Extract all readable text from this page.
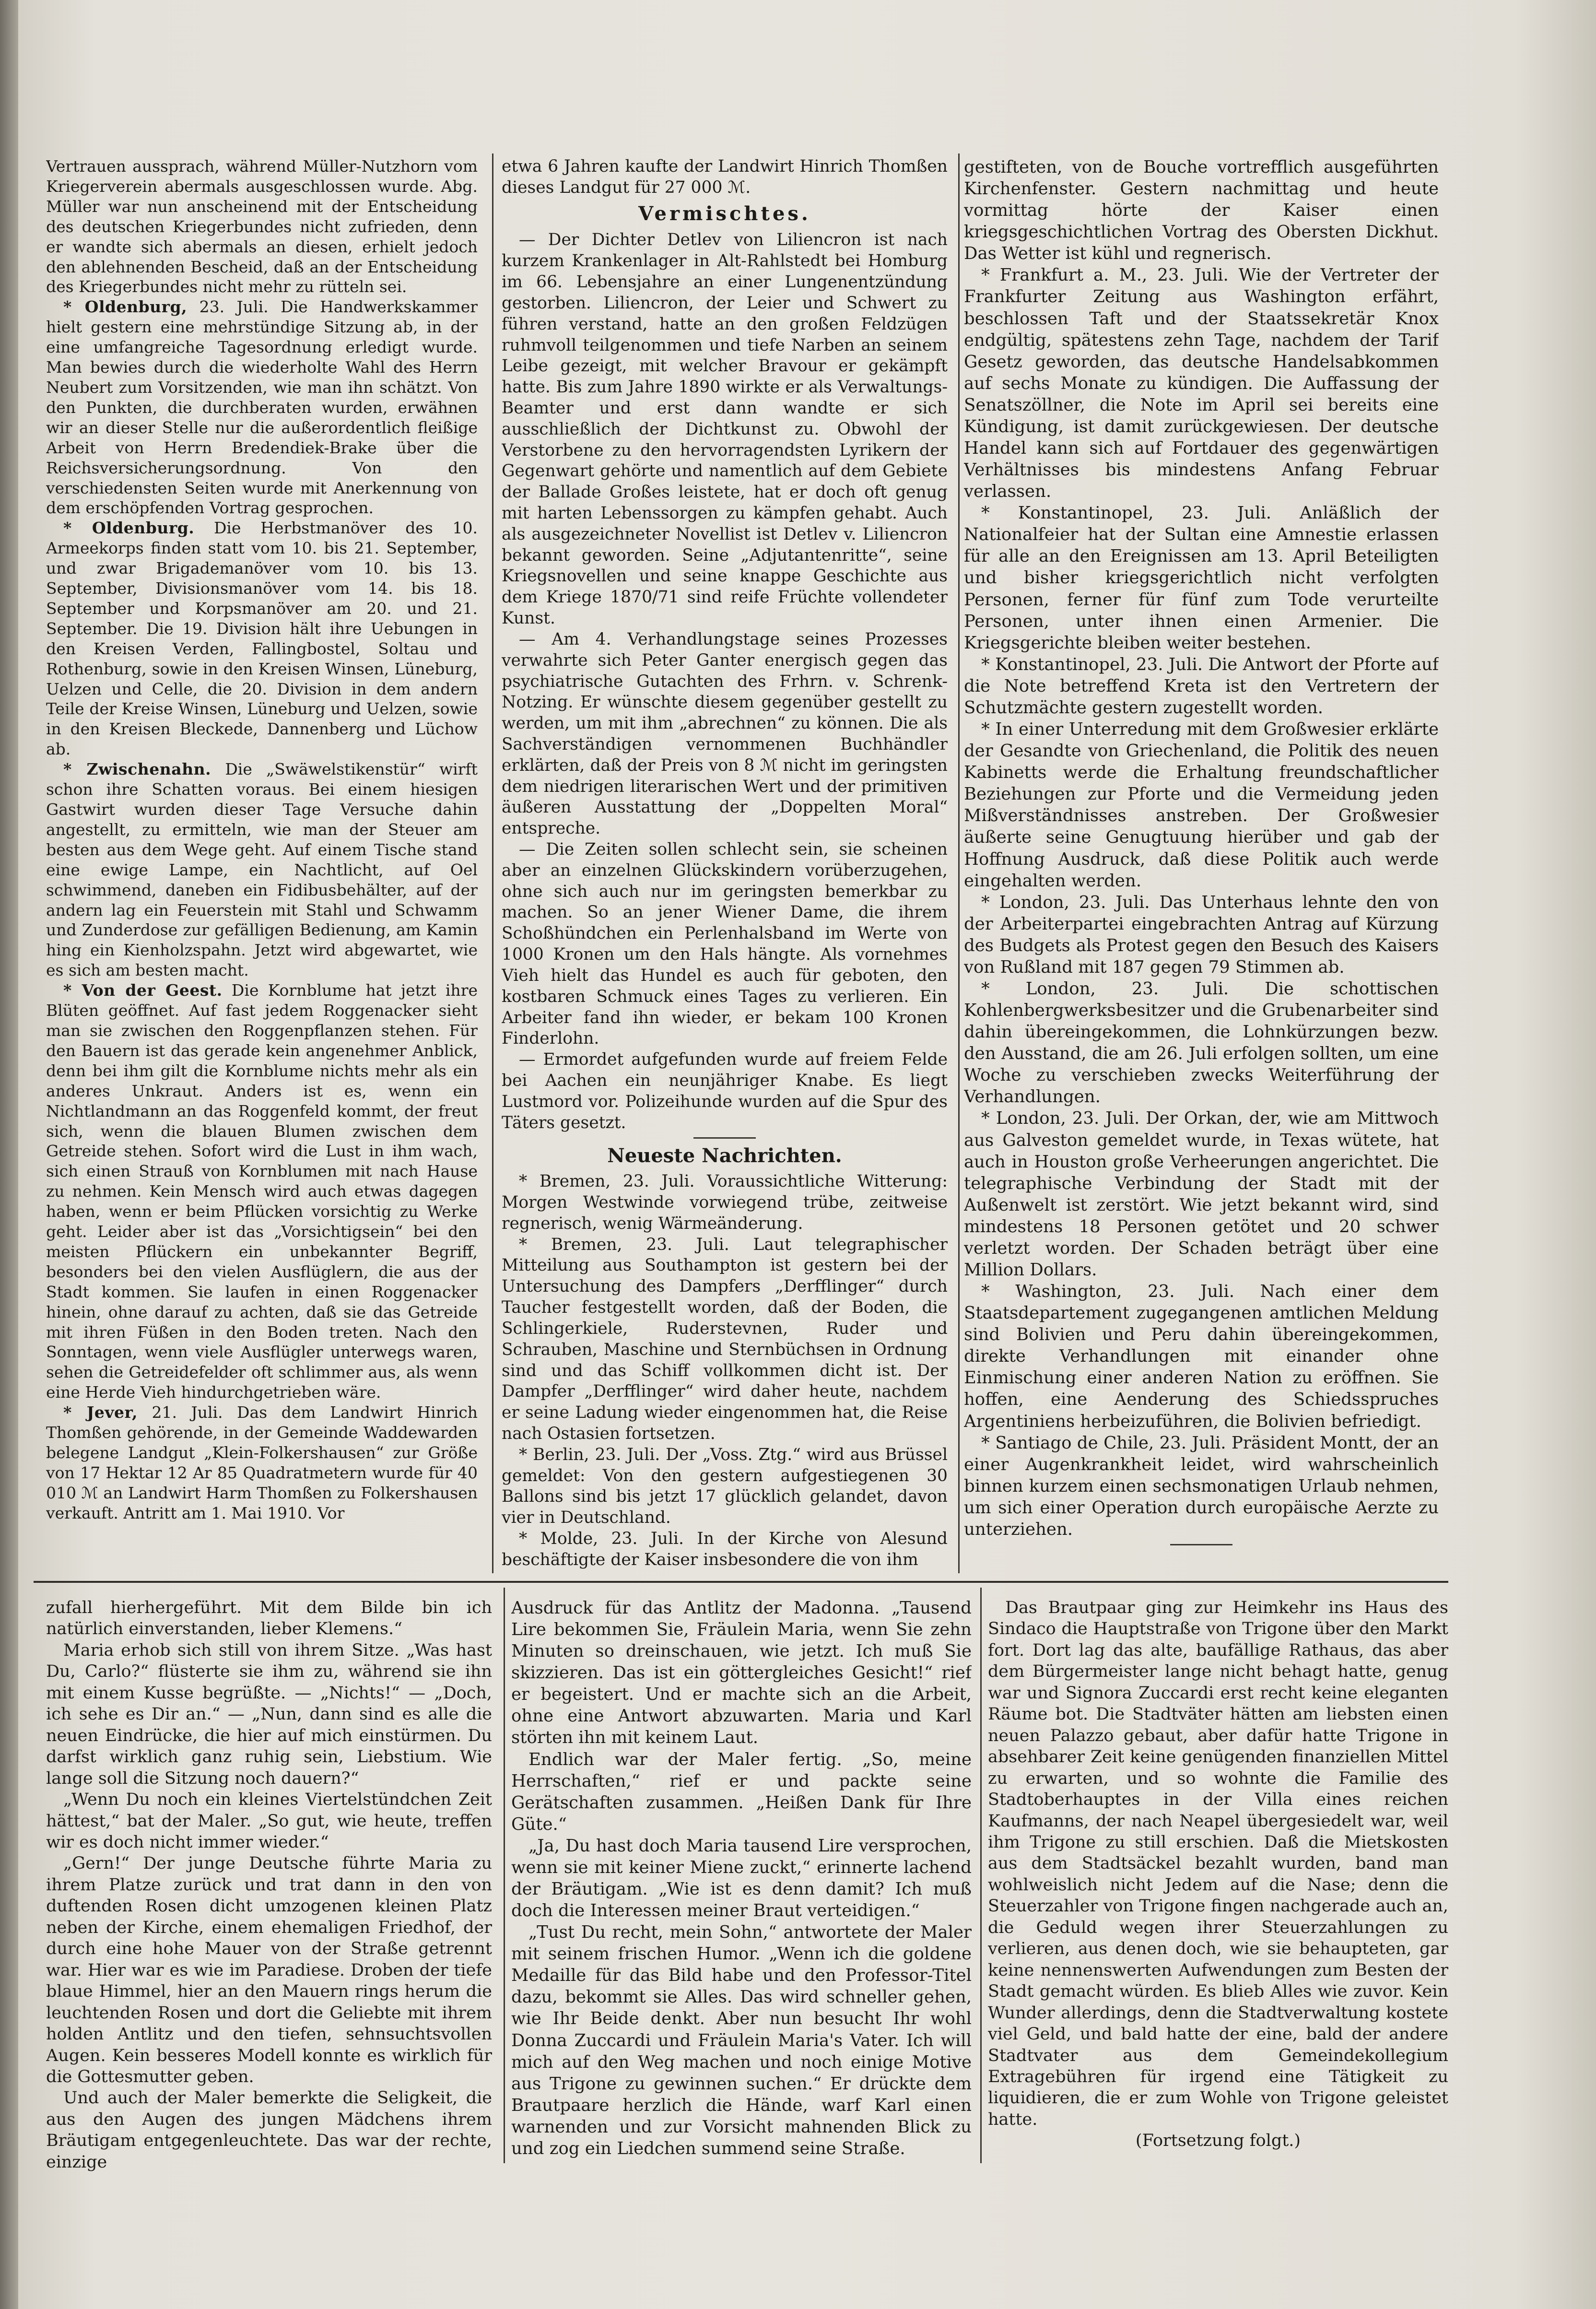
Vertrauen aussprach, während Müller-Nutzhorn vom Kriegerverein abermals ausgeschlossen wurde. Abg. Müller war nun anscheinend mit der Entscheidung des deutschen Kriegerbundes nicht zufrieden, denn er wandte sich abermals an diesen, erhielt jedoch den ablehnenden Bescheid, daß an der Entscheidung des Kriegerbundes nicht mehr zu rütteln sei.

* Oldenburg, 23. Juli. Die Handwerkskammer hielt gestern eine mehrstündige Sitzung ab, in der eine umfangreiche Tagesordnung erledigt wurde. Man bewies durch die wiederholte Wahl des Herrn Neubert zum Vorsitzenden, wie man ihn schätzt. Von den Punkten, die durchberaten wurden, erwähnen wir an dieser Stelle nur die außerordentlich fleißige Arbeit von Herrn Bredendiek-Brake über die Reichsversicherungsordnung. Von den verschiedensten Seiten wurde mit Anerkennung von dem erschöpfenden Vortrag gesprochen.

* Oldenburg. Die Herbstmanöver des 10. Armeekorps finden statt vom 10. bis 21. September, und zwar Brigademanöver vom 10. bis 13. September, Divisionsmanöver vom 14. bis 18. September und Korpsmanöver am 20. und 21. September. Die 19. Division hält ihre Uebungen in den Kreisen Verden, Fallingbostel, Soltau und Rothenburg, sowie in den Kreisen Winsen, Lüneburg, Uelzen und Celle, die 20. Division in dem andern Teile der Kreise Winsen, Lüneburg und Uelzen, sowie in den Kreisen Bleckede, Dannenberg und Lüchow ab.

* Zwischenahn. Die „Swäwelstikenstür“ wirft schon ihre Schatten voraus. Bei einem hiesigen Gastwirt wurden dieser Tage Versuche dahin angestellt, zu ermitteln, wie man der Steuer am besten aus dem Wege geht. Auf einem Tische stand eine ewige Lampe, ein Nachtlicht, auf Oel schwimmend, daneben ein Fidibusbehälter, auf der andern lag ein Feuerstein mit Stahl und Schwamm und Zunderdose zur gefälligen Bedienung, am Kamin hing ein Kienholzspahn. Jetzt wird abgewartet, wie es sich am besten macht.

* Von der Geest. Die Kornblume hat jetzt ihre Blüten geöffnet. Auf fast jedem Roggenacker sieht man sie zwischen den Roggenpflanzen stehen. Für den Bauern ist das gerade kein angenehmer Anblick, denn bei ihm gilt die Kornblume nichts mehr als ein anderes Unkraut. Anders ist es, wenn ein Nichtlandmann an das Roggenfeld kommt, der freut sich, wenn die blauen Blumen zwischen dem Getreide stehen. Sofort wird die Lust in ihm wach, sich einen Strauß von Kornblumen mit nach Hause zu nehmen. Kein Mensch wird auch etwas dagegen haben, wenn er beim Pflücken vorsichtig zu Werke geht. Leider aber ist das „Vorsichtigsein“ bei den meisten Pflückern ein unbekannter Begriff, besonders bei den vielen Ausflüglern, die aus der Stadt kommen. Sie laufen in einen Roggenacker hinein, ohne darauf zu achten, daß sie das Getreide mit ihren Füßen in den Boden treten. Nach den Sonntagen, wenn viele Ausflügler unterwegs waren, sehen die Getreidefelder oft schlimmer aus, als wenn eine Herde Vieh hindurchgetrieben wäre.

* Jever, 21. Juli. Das dem Landwirt Hinrich Thomßen gehörende, in der Gemeinde Waddewarden belegene Landgut „Klein-Folkershausen“ zur Größe von 17 Hektar 12 Ar 85 Quadratmetern wurde für 40 010 ℳ an Landwirt Harm Thomßen zu Folkershausen verkauft. Antritt am 1. Mai 1910. Vor

etwa 6 Jahren kaufte der Landwirt Hinrich Thomßen dieses Landgut für 27 000 ℳ.

Vermischtes.

— Der Dichter Detlev von Liliencron ist nach kurzem Krankenlager in Alt-Rahlstedt bei Homburg im 66. Lebensjahre an einer Lungenentzündung gestorben. Liliencron, der Leier und Schwert zu führen verstand, hatte an den großen Feldzügen ruhmvoll teilgenommen und tiefe Narben an seinem Leibe gezeigt, mit welcher Bravour er gekämpft hatte. Bis zum Jahre 1890 wirkte er als Verwaltungs-Beamter und erst dann wandte er sich ausschließlich der Dichtkunst zu. Obwohl der Verstorbene zu den hervorragendsten Lyrikern der Gegenwart gehörte und namentlich auf dem Gebiete der Ballade Großes leistete, hat er doch oft genug mit harten Lebenssorgen zu kämpfen gehabt. Auch als ausgezeichneter Novellist ist Detlev v. Liliencron bekannt geworden. Seine „Adjutantenritte“, seine Kriegsnovellen und seine knappe Geschichte aus dem Kriege 1870/71 sind reife Früchte vollendeter Kunst.

— Am 4. Verhandlungstage seines Prozesses verwahrte sich Peter Ganter energisch gegen das psychiatrische Gutachten des Frhrn. v. Schrenk-Notzing. Er wünschte diesem gegenüber gestellt zu werden, um mit ihm „abrechnen“ zu können. Die als Sachverständigen vernommenen Buchhändler erklärten, daß der Preis von 8 ℳ nicht im geringsten dem niedrigen literarischen Wert und der primitiven äußeren Ausstattung der „Doppelten Moral“ entspreche.

— Die Zeiten sollen schlecht sein, sie scheinen aber an einzelnen Glückskindern vorüberzugehen, ohne sich auch nur im geringsten bemerkbar zu machen. So an jener Wiener Dame, die ihrem Schoßhündchen ein Perlenhalsband im Werte von 1000 Kronen um den Hals hängte. Als vornehmes Vieh hielt das Hundel es auch für geboten, den kostbaren Schmuck eines Tages zu verlieren. Ein Arbeiter fand ihn wieder, er bekam 100 Kronen Finderlohn.

— Ermordet aufgefunden wurde auf freiem Felde bei Aachen ein neunjähriger Knabe. Es liegt Lustmord vor. Polizeihunde wurden auf die Spur des Täters gesetzt.

Neueste Nachrichten.

* Bremen, 23. Juli. Voraussichtliche Witterung: Morgen Westwinde vorwiegend trübe, zeitweise regnerisch, wenig Wärmeänderung.

* Bremen, 23. Juli. Laut telegraphischer Mitteilung aus Southampton ist gestern bei der Untersuchung des Dampfers „Derfflinger“ durch Taucher festgestellt worden, daß der Boden, die Schlingerkiele, Ruderstevnen, Ruder und Schrauben, Maschine und Sternbüchsen in Ordnung sind und das Schiff vollkommen dicht ist. Der Dampfer „Derfflinger“ wird daher heute, nachdem er seine Ladung wieder eingenommen hat, die Reise nach Ostasien fortsetzen.

* Berlin, 23. Juli. Der „Voss. Ztg.“ wird aus Brüssel gemeldet: Von den gestern aufgestiegenen 30 Ballons sind bis jetzt 17 glücklich gelandet, davon vier in Deutschland.

* Molde, 23. Juli. In der Kirche von Alesund beschäftigte der Kaiser insbesondere die von ihm

gestifteten, von de Bouche vortrefflich ausgeführten Kirchenfenster. Gestern nachmittag und heute vormittag hörte der Kaiser einen kriegsgeschichtlichen Vortrag des Obersten Dickhut. Das Wetter ist kühl und regnerisch.

* Frankfurt a. M., 23. Juli. Wie der Vertreter der Frankfurter Zeitung aus Washington erfährt, beschlossen Taft und der Staatssekretär Knox endgültig, spätestens zehn Tage, nachdem der Tarif Gesetz geworden, das deutsche Handelsabkommen auf sechs Monate zu kündigen. Die Auffassung der Senatszöllner, die Note im April sei bereits eine Kündigung, ist damit zurückgewiesen. Der deutsche Handel kann sich auf Fortdauer des gegenwärtigen Verhältnisses bis mindestens Anfang Februar verlassen.

* Konstantinopel, 23. Juli. Anläßlich der Nationalfeier hat der Sultan eine Amnestie erlassen für alle an den Ereignissen am 13. April Beteiligten und bisher kriegsgerichtlich nicht verfolgten Personen, ferner für fünf zum Tode verurteilte Personen, unter ihnen einen Armenier. Die Kriegsgerichte bleiben weiter bestehen.

* Konstantinopel, 23. Juli. Die Antwort der Pforte auf die Note betreffend Kreta ist den Vertretern der Schutzmächte gestern zugestellt worden.

* In einer Unterredung mit dem Großwesier erklärte der Gesandte von Griechenland, die Politik des neuen Kabinetts werde die Erhaltung freundschaftlicher Beziehungen zur Pforte und die Vermeidung jeden Mißverständnisses anstreben. Der Großwesier äußerte seine Genugtuung hierüber und gab der Hoffnung Ausdruck, daß diese Politik auch werde eingehalten werden.

* London, 23. Juli. Das Unterhaus lehnte den von der Arbeiterpartei eingebrachten Antrag auf Kürzung des Budgets als Protest gegen den Besuch des Kaisers von Rußland mit 187 gegen 79 Stimmen ab.

* London, 23. Juli. Die schottischen Kohlenbergwerksbesitzer und die Grubenarbeiter sind dahin übereingekommen, die Lohnkürzungen bezw. den Ausstand, die am 26. Juli erfolgen sollten, um eine Woche zu verschieben zwecks Weiterführung der Verhandlungen.

* London, 23. Juli. Der Orkan, der, wie am Mittwoch aus Galveston gemeldet wurde, in Texas wütete, hat auch in Houston große Verheerungen angerichtet. Die telegraphische Verbindung der Stadt mit der Außenwelt ist zerstört. Wie jetzt bekannt wird, sind mindestens 18 Personen getötet und 20 schwer verletzt worden. Der Schaden beträgt über eine Million Dollars.

* Washington, 23. Juli. Nach einer dem Staatsdepartement zugegangenen amtlichen Meldung sind Bolivien und Peru dahin übereingekommen, direkte Verhandlungen mit einander ohne Einmischung einer anderen Nation zu eröffnen. Sie hoffen, eine Aenderung des Schiedsspruches Argentiniens herbeizuführen, die Bolivien befriedigt.

* Santiago de Chile, 23. Juli. Präsident Montt, der an einer Augenkrankheit leidet, wird wahrscheinlich binnen kurzem einen sechsmonatigen Urlaub nehmen, um sich einer Operation durch europäische Aerzte zu unterziehen.

zufall hierhergeführt. Mit dem Bilde bin ich natürlich einverstanden, lieber Klemens.“

Maria erhob sich still von ihrem Sitze. „Was hast Du, Carlo?“ flüsterte sie ihm zu, während sie ihn mit einem Kusse begrüßte. — „Nichts!“ — „Doch, ich sehe es Dir an.“ — „Nun, dann sind es alle die neuen Eindrücke, die hier auf mich einstürmen. Du darfst wirklich ganz ruhig sein, Liebstium. Wie lange soll die Sitzung noch dauern?“

„Wenn Du noch ein kleines Viertelstündchen Zeit hättest,“ bat der Maler. „So gut, wie heute, treffen wir es doch nicht immer wieder.“

„Gern!“ Der junge Deutsche führte Maria zu ihrem Platze zurück und trat dann in den von duftenden Rosen dicht umzogenen kleinen Platz neben der Kirche, einem ehemaligen Friedhof, der durch eine hohe Mauer von der Straße getrennt war. Hier war es wie im Paradiese. Droben der tiefe blaue Himmel, hier an den Mauern rings herum die leuchtenden Rosen und dort die Geliebte mit ihrem holden Antlitz und den tiefen, sehnsuchtsvollen Augen. Kein besseres Modell konnte es wirklich für die Gottesmutter geben.

Und auch der Maler bemerkte die Seligkeit, die aus den Augen des jungen Mädchens ihrem Bräutigam entgegenleuchtete. Das war der rechte, einzige

Ausdruck für das Antlitz der Madonna. „Tausend Lire bekommen Sie, Fräulein Maria, wenn Sie zehn Minuten so dreinschauen, wie jetzt. Ich muß Sie skizzieren. Das ist ein göttergleiches Gesicht!“ rief er begeistert. Und er machte sich an die Arbeit, ohne eine Antwort abzuwarten. Maria und Karl störten ihn mit keinem Laut.

Endlich war der Maler fertig. „So, meine Herrschaften,“ rief er und packte seine Gerätschaften zusammen. „Heißen Dank für Ihre Güte.“

„Ja, Du hast doch Maria tausend Lire versprochen, wenn sie mit keiner Miene zuckt,“ erinnerte lachend der Bräutigam. „Wie ist es denn damit? Ich muß doch die Interessen meiner Braut verteidigen.“

„Tust Du recht, mein Sohn,“ antwortete der Maler mit seinem frischen Humor. „Wenn ich die goldene Medaille für das Bild habe und den Professor-Titel dazu, bekommt sie Alles. Das wird schneller gehen, wie Ihr Beide denkt. Aber nun besucht Ihr wohl Donna Zuccardi und Fräulein Maria's Vater. Ich will mich auf den Weg machen und noch einige Motive aus Trigone zu gewinnen suchen.“ Er drückte dem Brautpaare herzlich die Hände, warf Karl einen warnenden und zur Vorsicht mahnenden Blick zu und zog ein Liedchen summend seine Straße.

Das Brautpaar ging zur Heimkehr ins Haus des Sindaco die Hauptstraße von Trigone über den Markt fort. Dort lag das alte, baufällige Rathaus, das aber dem Bürgermeister lange nicht behagt hatte, genug war und Signora Zuccardi erst recht keine eleganten Räume bot. Die Stadtväter hätten am liebsten einen neuen Palazzo gebaut, aber dafür hatte Trigone in absehbarer Zeit keine genügenden finanziellen Mittel zu erwarten, und so wohnte die Familie des Stadtoberhauptes in der Villa eines reichen Kaufmanns, der nach Neapel übergesiedelt war, weil ihm Trigone zu still erschien. Daß die Mietskosten aus dem Stadtsäckel bezahlt wurden, band man wohlweislich nicht Jedem auf die Nase; denn die Steuerzahler von Trigone fingen nachgerade auch an, die Geduld wegen ihrer Steuerzahlungen zu verlieren, aus denen doch, wie sie behaupteten, gar keine nennenswerten Aufwendungen zum Besten der Stadt gemacht würden. Es blieb Alles wie zuvor. Kein Wunder allerdings, denn die Stadtverwaltung kostete viel Geld, und bald hatte der eine, bald der andere Stadtvater aus dem Gemeindekollegium Extragebühren für irgend eine Tätigkeit zu liquidieren, die er zum Wohle von Trigone geleistet hatte.

(Fortsetzung folgt.)
